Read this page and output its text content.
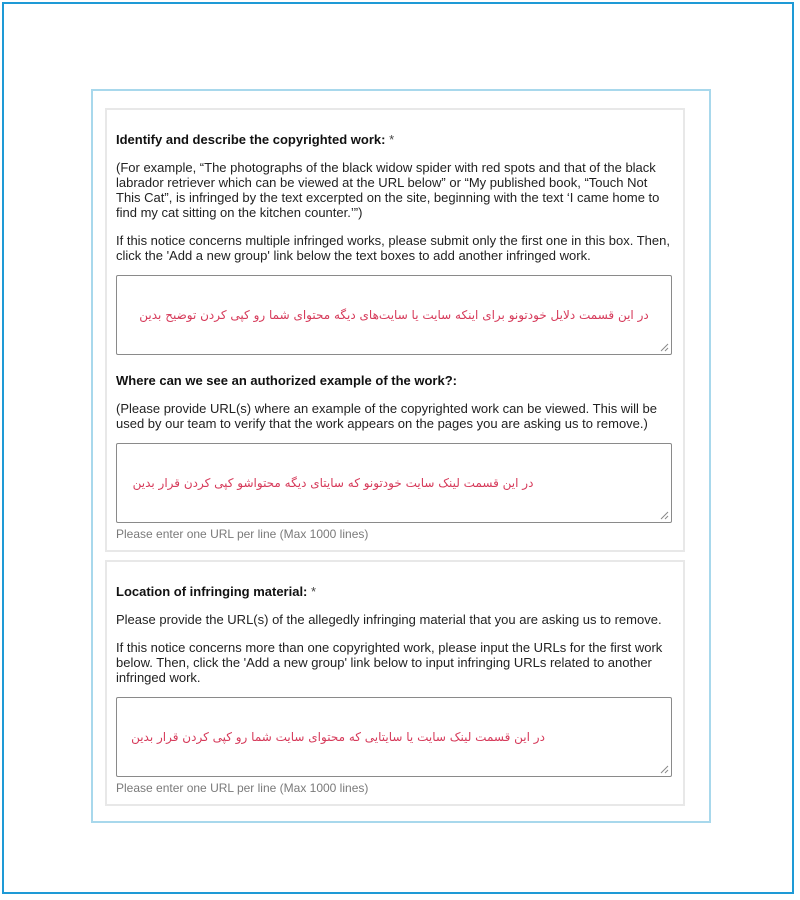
Identify and describe the copyrighted work: *
(For example, “The photographs of the black widow spider with red spots and that of the black labrador retriever which can be viewed at the URL below” or “My published book, “Touch Not This Cat”, is infringed by the text excerpted on the site, beginning with the text ‘I came home to find my cat sitting on the kitchen counter.’”)
If this notice concerns multiple infringed works, please submit only the first one in this box. Then, click the 'Add a new group' link below the text boxes to add another infringed work.
در این قسمت دلایل خودتونو برای اینکه سایت یا سایت‌های دیگه محتوای شما رو کپی کردن توضیح بدین
Where can we see an authorized example of the work?:
(Please provide URL(s) where an example of the copyrighted work can be viewed. This will be used by our team to verify that the work appears on the pages you are asking us to remove.)
در این قسمت لینک سایت خودتونو که سایتای دیگه محتواشو کپی کردن قرار بدین
Please enter one URL per line (Max 1000 lines)
Location of infringing material: *
Please provide the URL(s) of the allegedly infringing material that you are asking us to remove.
If this notice concerns more than one copyrighted work, please input the URLs for the first work below. Then, click the 'Add a new group' link below to input infringing URLs related to another infringed work.
در این قسمت لینک سایت یا سایتایی که محتوای سایت شما رو کپی کردن قرار بدین
Please enter one URL per line (Max 1000 lines)
